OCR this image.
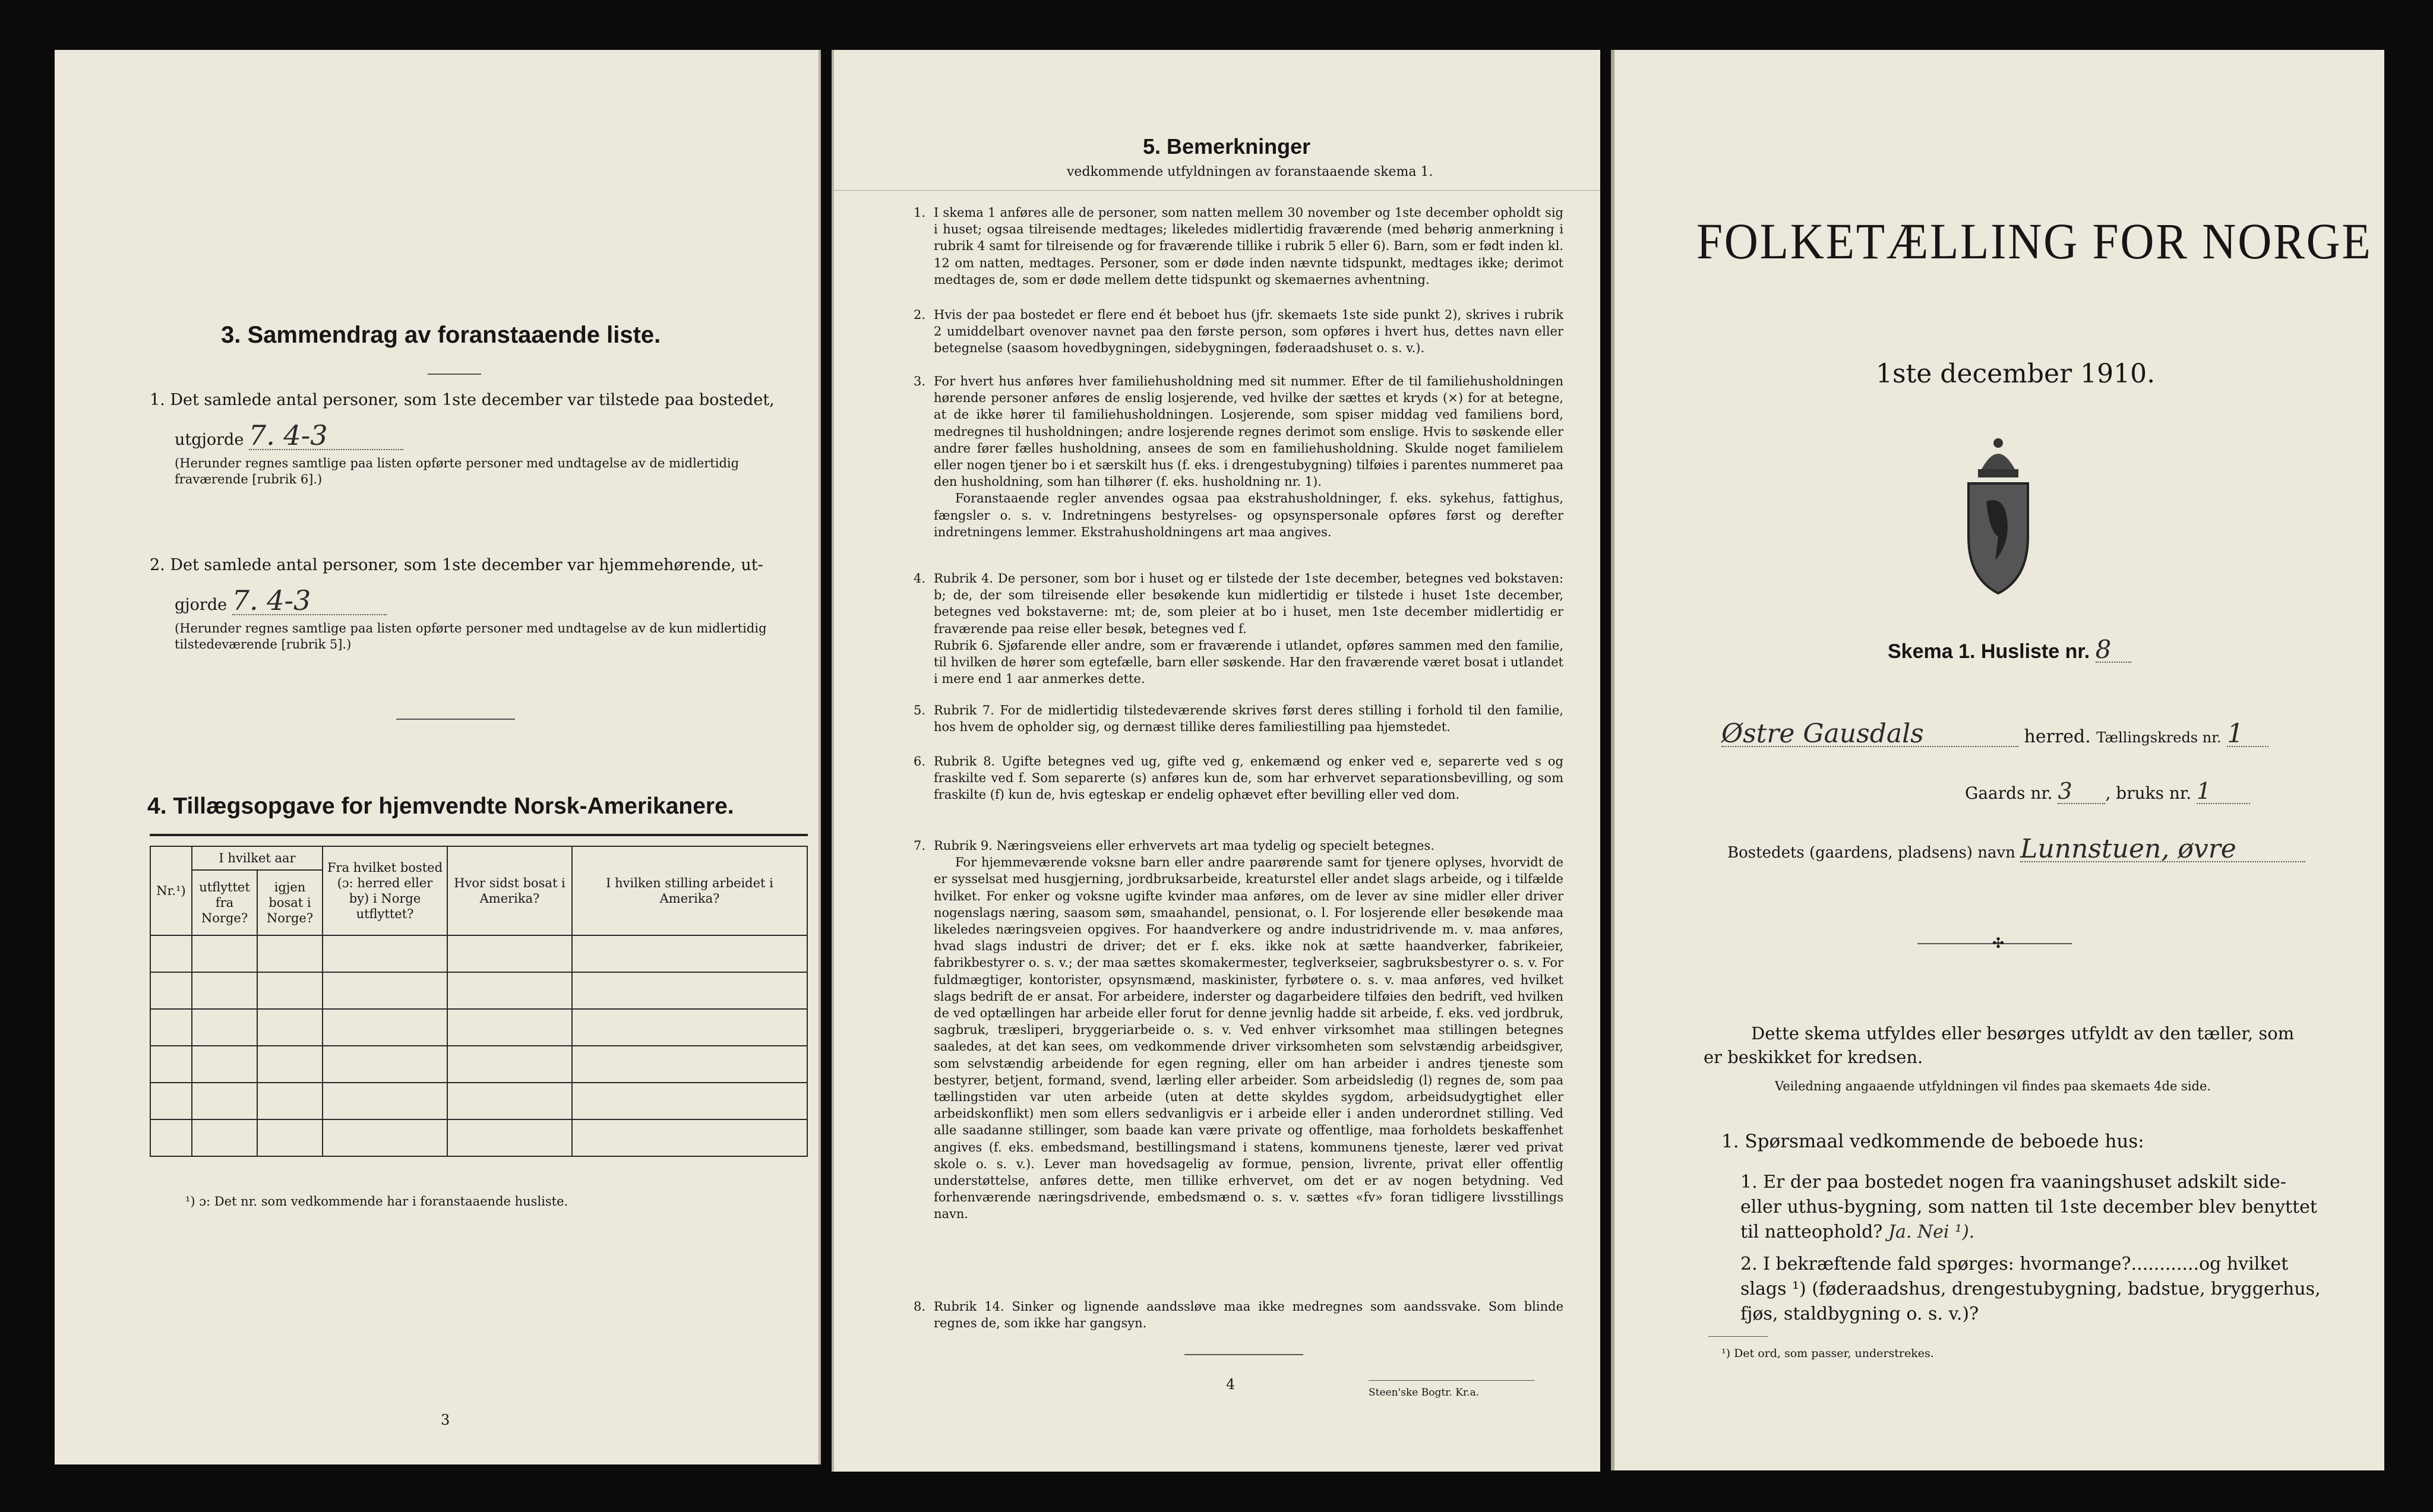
3. Sammendrag av foranstaaende liste.
1. Det samlede antal personer, som 1ste december var tilstede paa bostedet,
utgjorde 7. 4-3
(Herunder regnes samtlige paa listen opførte personer med undtagelse av de midlertidig fraværende [rubrik 6].)
2. Det samlede antal personer, som 1ste december var hjemmehørende, ut-
gjorde 7. 4-3
(Herunder regnes samtlige paa listen opførte personer med undtagelse av de kun midlertidig tilstedeværende [rubrik 5].)
4. Tillægsopgave for hjemvendte Norsk-Amerikanere.
Nr.¹)	I hvilket aar		Fra hvilket bosted (ɔ: herred eller by) i Norge utflyttet?	Hvor sidst bosat i Amerika?	I hvilken stilling arbeidet i Amerika?
	utflyttet fra Norge?	igjen bosat i Norge?			

¹) ɔ: Det nr. som vedkommende har i foranstaaende husliste.
3
5. Bemerkninger
vedkommende utfyldningen av foranstaaende skema 1.
1. I skema 1 anføres alle de personer, som natten mellem 30 november og 1ste december opholdt sig i huset; ogsaa tilreisende medtages; likeledes midlertidig fraværende (med behørig anmerkning i rubrik 4 samt for tilreisende og for fraværende tillike i rubrik 5 eller 6). Barn, som er født inden kl. 12 om natten, medtages. Personer, som er døde inden nævnte tidspunkt, medtages ikke; derimot medtages de, som er døde mellem dette tidspunkt og skemaernes avhentning.
2. Hvis der paa bostedet er flere end ét beboet hus (jfr. skemaets 1ste side punkt 2), skrives i rubrik 2 umiddelbart ovenover navnet paa den første person, som opføres i hvert hus, dettes navn eller betegnelse (saasom hovedbygningen, sidebygningen, føderaadshuset o. s. v.).
3. For hvert hus anføres hver familiehusholdning med sit nummer. Efter de til familiehusholdningen hørende personer anføres de enslig losjerende, ved hvilke der sættes et kryds (×) for at betegne, at de ikke hører til familiehusholdningen. Losjerende, som spiser middag ved familiens bord, medregnes til husholdningen; andre losjerende regnes derimot som enslige. Hvis to søskende eller andre fører fælles husholdning, ansees de som en familiehusholdning. Skulde noget familielem eller nogen tjener bo i et særskilt hus (f. eks. i drengestubygning) tilføies i parentes nummeret paa den husholdning, som han tilhører (f. eks. husholdning nr. 1).
Foranstaaende regler anvendes ogsaa paa ekstrahusholdninger, f. eks. sykehus, fattighus, fængsler o. s. v. Indretningens bestyrelses- og opsynspersonale opføres først og derefter indretningens lemmer. Ekstrahusholdningens art maa angives.
4. Rubrik 4. De personer, som bor i huset og er tilstede der 1ste december, betegnes ved bokstaven: b; de, der som tilreisende eller besøkende kun midlertidig er tilstede i huset 1ste december, betegnes ved bokstaverne: mt; de, som pleier at bo i huset, men 1ste december midlertidig er fraværende paa reise eller besøk, betegnes ved f.
Rubrik 6. Sjøfarende eller andre, som er fraværende i utlandet, opføres sammen med den familie, til hvilken de hører som egtefælle, barn eller søskende. Har den fraværende været bosat i utlandet i mere end 1 aar anmerkes dette.
5. Rubrik 7. For de midlertidig tilstedeværende skrives først deres stilling i forhold til den familie, hos hvem de opholder sig, og dernæst tillike deres familiestilling paa hjemstedet.
6. Rubrik 8. Ugifte betegnes ved ug, gifte ved g, enkemænd og enker ved e, separerte ved s og fraskilte ved f. Som separerte (s) anføres kun de, som har erhvervet separationsbevilling, og som fraskilte (f) kun de, hvis egteskap er endelig ophævet efter bevilling eller ved dom.
7. Rubrik 9. Næringsveiens eller erhvervets art maa tydelig og specielt betegnes.
For hjemmeværende voksne barn eller andre paarørende samt for tjenere oplyses, hvorvidt de er sysselsat med husgjerning, jordbruksarbeide, kreaturstel eller andet slags arbeide, og i tilfælde hvilket. For enker og voksne ugifte kvinder maa anføres, om de lever av sine midler eller driver nogenslags næring, saasom søm, smaahandel, pensionat, o. l. For losjerende eller besøkende maa likeledes næringsveien opgives. For haandverkere og andre industridrivende m. v. maa anføres, hvad slags industri de driver; det er f. eks. ikke nok at sætte haandverker, fabrikeier, fabrikbestyrer o. s. v.; der maa sættes skomakermester, teglverkseier, sagbruksbestyrer o. s. v. For fuldmægtiger, kontorister, opsynsmænd, maskinister, fyrbøtere o. s. v. maa anføres, ved hvilket slags bedrift de er ansat. For arbeidere, inderster og dagarbeidere tilføies den bedrift, ved hvilken de ved optællingen har arbeide eller forut for denne jevnlig hadde sit arbeide, f. eks. ved jordbruk, sagbruk, træsliperi, bryggeriarbeide o. s. v. Ved enhver virksomhet maa stillingen betegnes saaledes, at det kan sees, om vedkommende driver virksomheten som selvstændig arbeidsgiver, som selvstændig arbeidende for egen regning, eller om han arbeider i andres tjeneste som bestyrer, betjent, formand, svend, lærling eller arbeider. Som arbeidsledig (l) regnes de, som paa tællingstiden var uten arbeide (uten at dette skyldes sygdom, arbeidsudygtighet eller arbeidskonflikt) men som ellers sedvanligvis er i arbeide eller i anden underordnet stilling. Ved alle saadanne stillinger, som baade kan være private og offentlige, maa forholdets beskaffenhet angives (f. eks. embedsmand, bestillingsmand i statens, kommunens tjeneste, lærer ved privat skole o. s. v.). Lever man hovedsagelig av formue, pension, livrente, privat eller offentlig understøttelse, anføres dette, men tillike erhvervet, om det er av nogen betydning. Ved forhenværende næringsdrivende, embedsmænd o. s. v. sættes «fv» foran tidligere livsstillings navn.
8. Rubrik 14. Sinker og lignende aandssløve maa ikke medregnes som aandssvake. Som blinde regnes de, som ikke har gangsyn.
4	Steen'ske Bogtr. Kr.a.
FOLKETÆLLING FOR NORGE
1ste december 1910.
Skema 1. Husliste nr. 8
Østre Gausdals	herred. Tællingskreds nr. 1
Gaards nr. 3 , bruks nr. 1
Bostedets (gaardens, pladsens) navn Lunnstuen, øvre
✣
Dette skema utfyldes eller besørges utfyldt av den tæller, som er beskikket for kredsen.
Veiledning angaaende utfyldningen vil findes paa skemaets 4de side.
1. Spørsmaal vedkommende de beboede hus:
1. Er der paa bostedet nogen fra vaaningshuset adskilt side- eller uthus-bygning, som natten til 1ste december blev benyttet til natteophold? Ja. Nei ¹).
2. I bekræftende fald spørges: hvormange?............og hvilket slags ¹) (føderaadshus, drengestubygning, badstue, bryggerhus, fjøs, staldbygning o. s. v.)?
¹) Det ord, som passer, understrekes.
